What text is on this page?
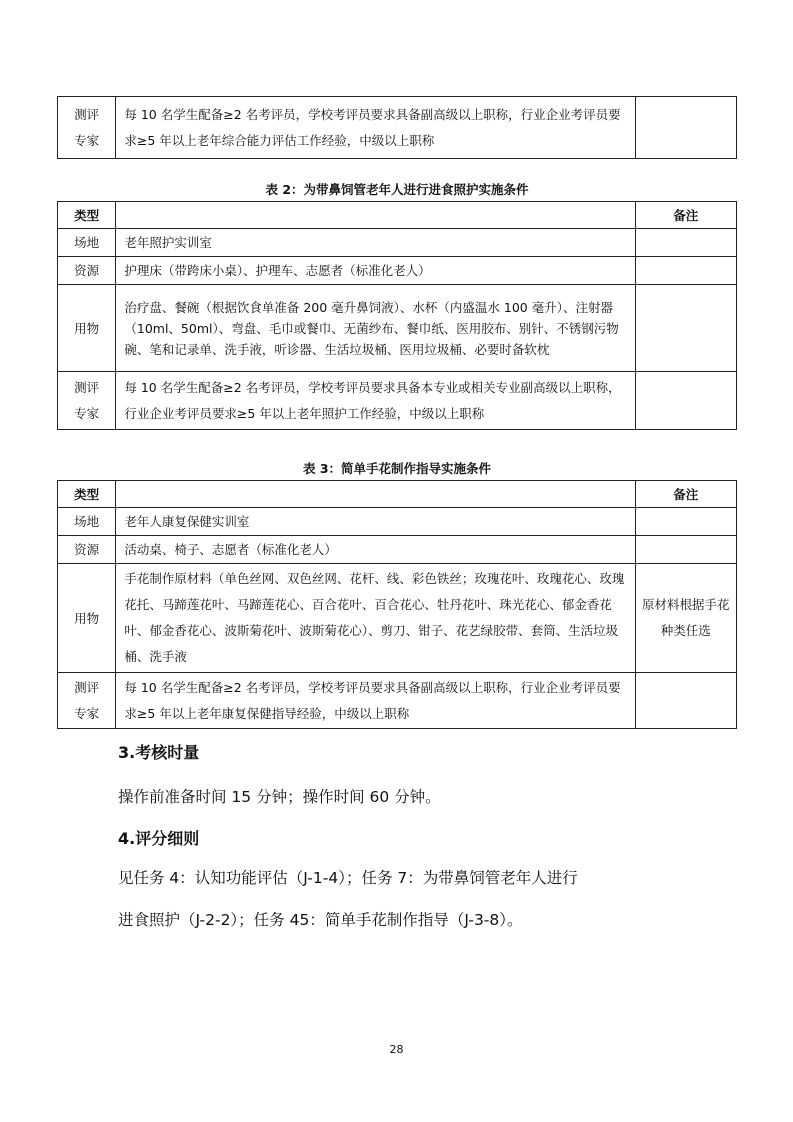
测评
专家	每 10 名学生配备≥2 名考评员，学校考评员要求具备副高级以上职称，行业企业考评员要求≥5 年以上老年综合能力评估工作经验，中级以上职称	
表 2：为带鼻饲管老年人进行进食照护实施条件
类型		备注
场地	老年照护实训室	
资源	护理床（带跨床小桌）、护理车、志愿者（标准化老人）	
用物	治疗盘、餐碗（根据饮食单准备 200 毫升鼻饲液）、水杯（内盛温水 100 毫升）、注射器（10ml、50ml）、弯盘、毛巾或餐巾、无菌纱布、餐巾纸、医用胶布、别针、不锈钢污物碗、笔和记录单、洗手液，听诊器、生活垃圾桶、医用垃圾桶、必要时备软枕	
测评
专家	每 10 名学生配备≥2 名考评员，学校考评员要求具备本专业或相关专业副高级以上职称，行业企业考评员要求≥5 年以上老年照护工作经验，中级以上职称	
表 3：简单手花制作指导实施条件
类型		备注
场地	老年人康复保健实训室	
资源	活动桌、椅子、志愿者（标准化老人）	
用物	手花制作原材料（单色丝网、双色丝网、花杆、线、彩色铁丝；玫瑰花叶、玫瑰花心、玫瑰花托、马蹄莲花叶、马蹄莲花心、百合花叶、百合花心、牡丹花叶、珠光花心、郁金香花叶、郁金香花心、波斯菊花叶、波斯菊花心）、剪刀、钳子、花艺绿胶带、套筒、生活垃圾桶、洗手液	原材料根据手花种类任选
测评
专家	每 10 名学生配备≥2 名考评员，学校考评员要求具备副高级以上职称，行业企业考评员要求≥5 年以上老年康复保健指导经验，中级以上职称	
3.考核时量
操作前准备时间 15 分钟；操作时间 60 分钟。
4.评分细则
见任务 4：认知功能评估（J-1-4）；任务 7：为带鼻饲管老年人进行
进食照护（J-2-2）；任务 45：简单手花制作指导（J-3-8）。
28
